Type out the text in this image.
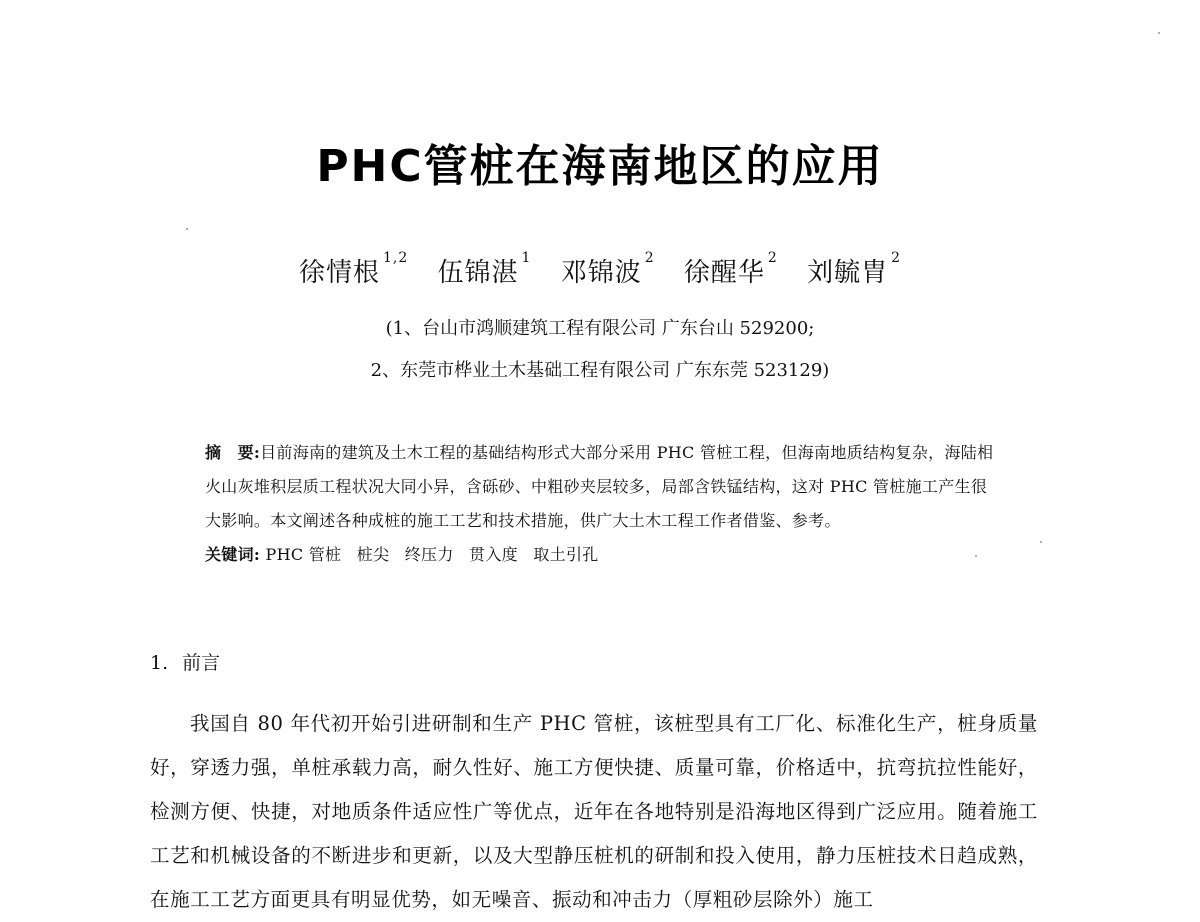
PHC管桩在海南地区的应用
徐情根 $^{1,2}$ 伍锦湛 $^1$ 邓锦波 $^2$ 徐醒华 $^2$ 刘毓胄 $^2$
(1、台山市鸿顺建筑工程有限公司 广东台山 529200;
2、东莞市桦业土木基础工程有限公司 广东东莞 523129)

摘　要:目前海南的建筑及土木工程的基础结构形式大部分采用 PHC 管桩工程，但海南地质结构复杂，海陆相火山灰堆积层质工程状况大同小异，含砾砂、中粗砂夹层较多，局部含铁锰结构，这对 PHC 管桩施工产生很大影响。本文阐述各种成桩的施工工艺和技术措施，供广大土木工程工作者借鉴、参考。

关键词: PHC 管桩 桩尖 终压力 贯入度 取土引孔

1. 前言

我国自 80 年代初开始引进研制和生产 PHC 管桩，该桩型具有工厂化、标准化生产，桩身质量好，穿透力强，单桩承载力高，耐久性好、施工方便快捷、质量可靠，价格适中，抗弯抗拉性能好，检测方便、快捷，对地质条件适应性广等优点，近年在各地特别是沿海地区得到广泛应用。随着施工工艺和机械设备的不断进步和更新，以及大型静压桩机的研制和投入使用，静力压桩技术日趋成熟，在施工工艺方面更具有明显优势，如无噪音、振动和冲击力（厚粗砂层除外）施工
